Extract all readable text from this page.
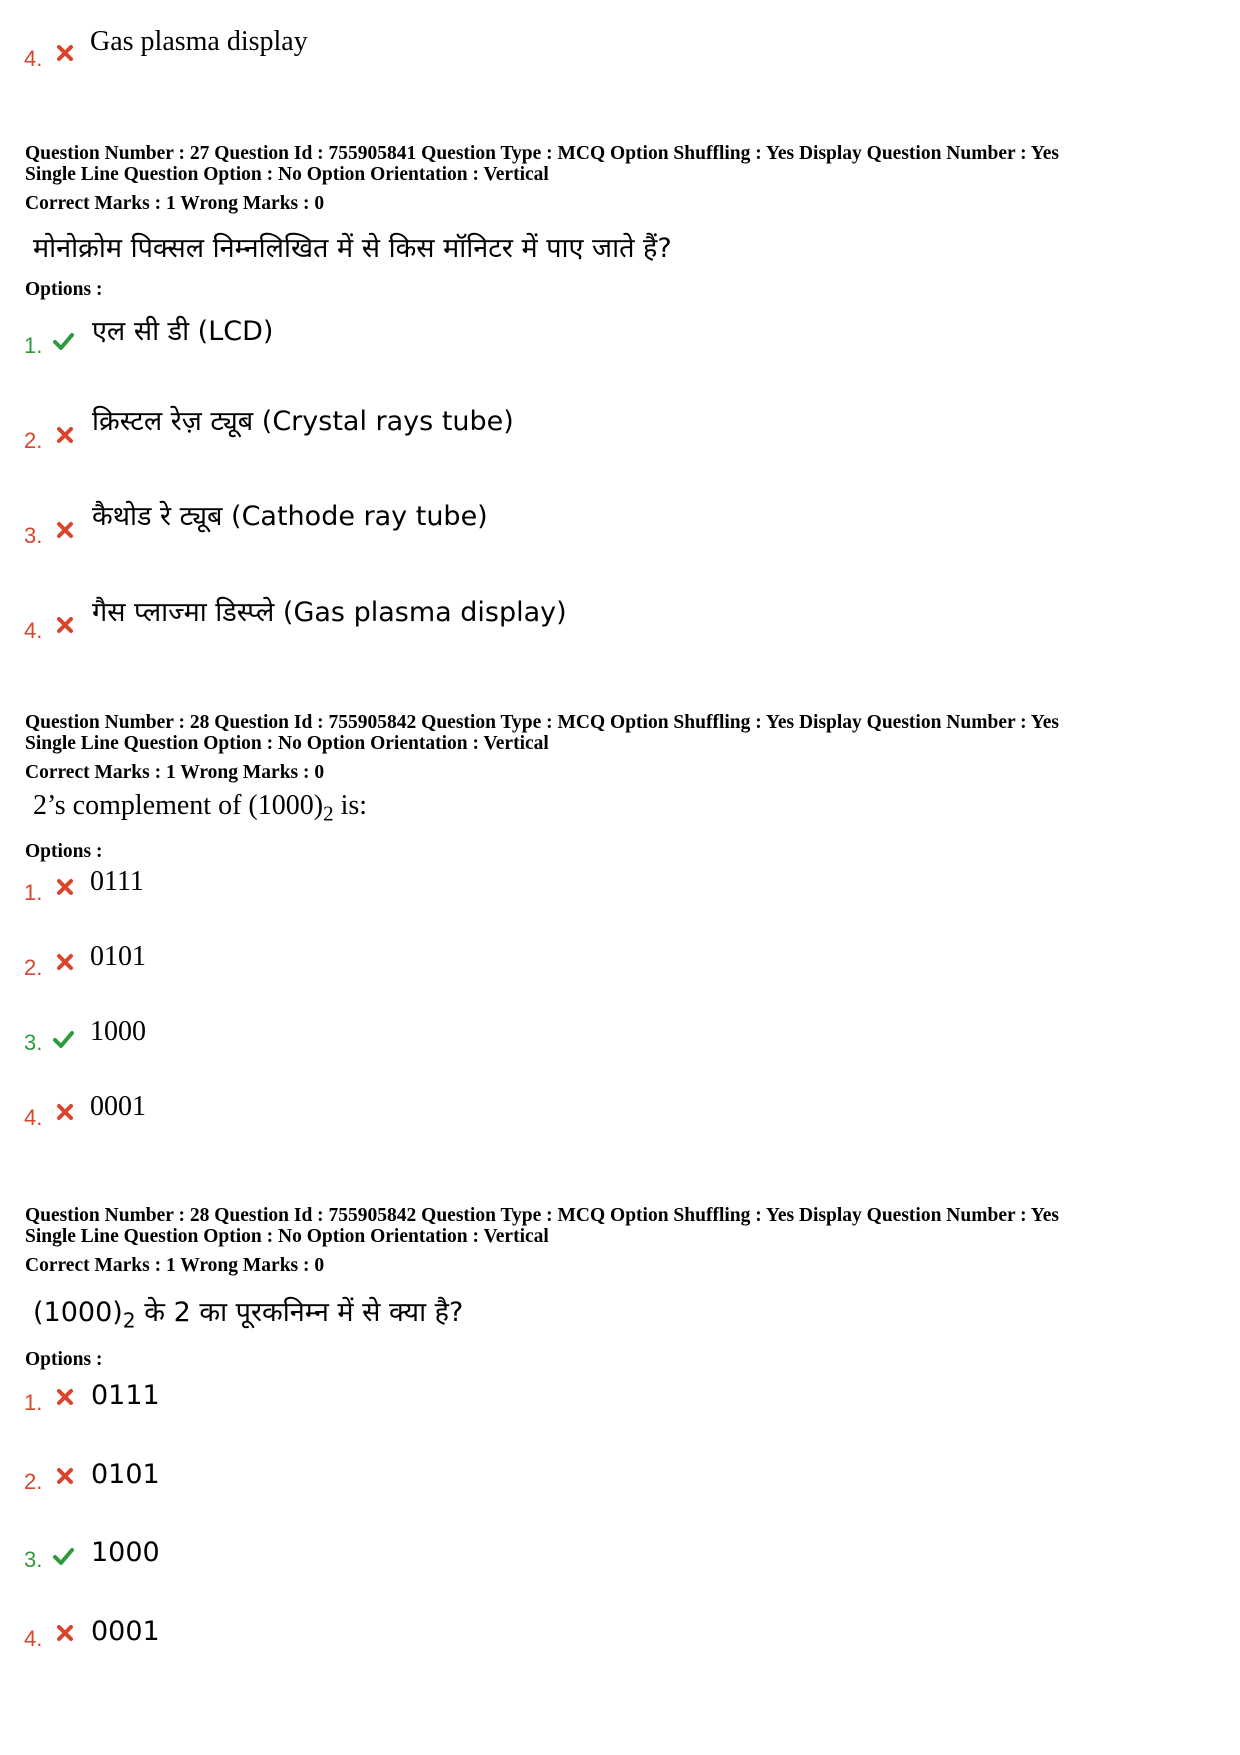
4.
Gas plasma display
Question Number : 27 Question Id : 755905841 Question Type : MCQ Option Shuffling : Yes Display Question Number : Yes
Single Line Question Option : No Option Orientation : Vertical
Correct Marks : 1 Wrong Marks : 0
मोनोक्रोम पिक्सल निम्नलिखित में से किस मॉनिटर में पाए जाते हैं?
Options :
1. एल सी डी (LCD)
2.
क्रिस्टल रेज़ ट्यूब (Crystal rays tube)
3.
कैथोड रे ट्यूब (Cathode ray tube)
4.
गैस प्लाज्मा डिस्प्ले (Gas plasma display)
Question Number : 28 Question Id : 755905842 Question Type : MCQ Option Shuffling : Yes Display Question Number : Yes
Single Line Question Option : No Option Orientation : Vertical
Correct Marks : 1 Wrong Marks : 0
2’s complement of $(1000)_2$ is:
Options :
1. 0111
2. 0101
3. 1000
4. 0001
Question Number : 28 Question Id : 755905842 Question Type : MCQ Option Shuffling : Yes Display Question Number : Yes
Single Line Question Option : No Option Orientation : Vertical
Correct Marks : 1 Wrong Marks : 0
$(1000)_2$ के 2 का पूरकनिम्न में से क्या है?
Options :
1. 0111
2. 0101
3. 1000
4. 0001
